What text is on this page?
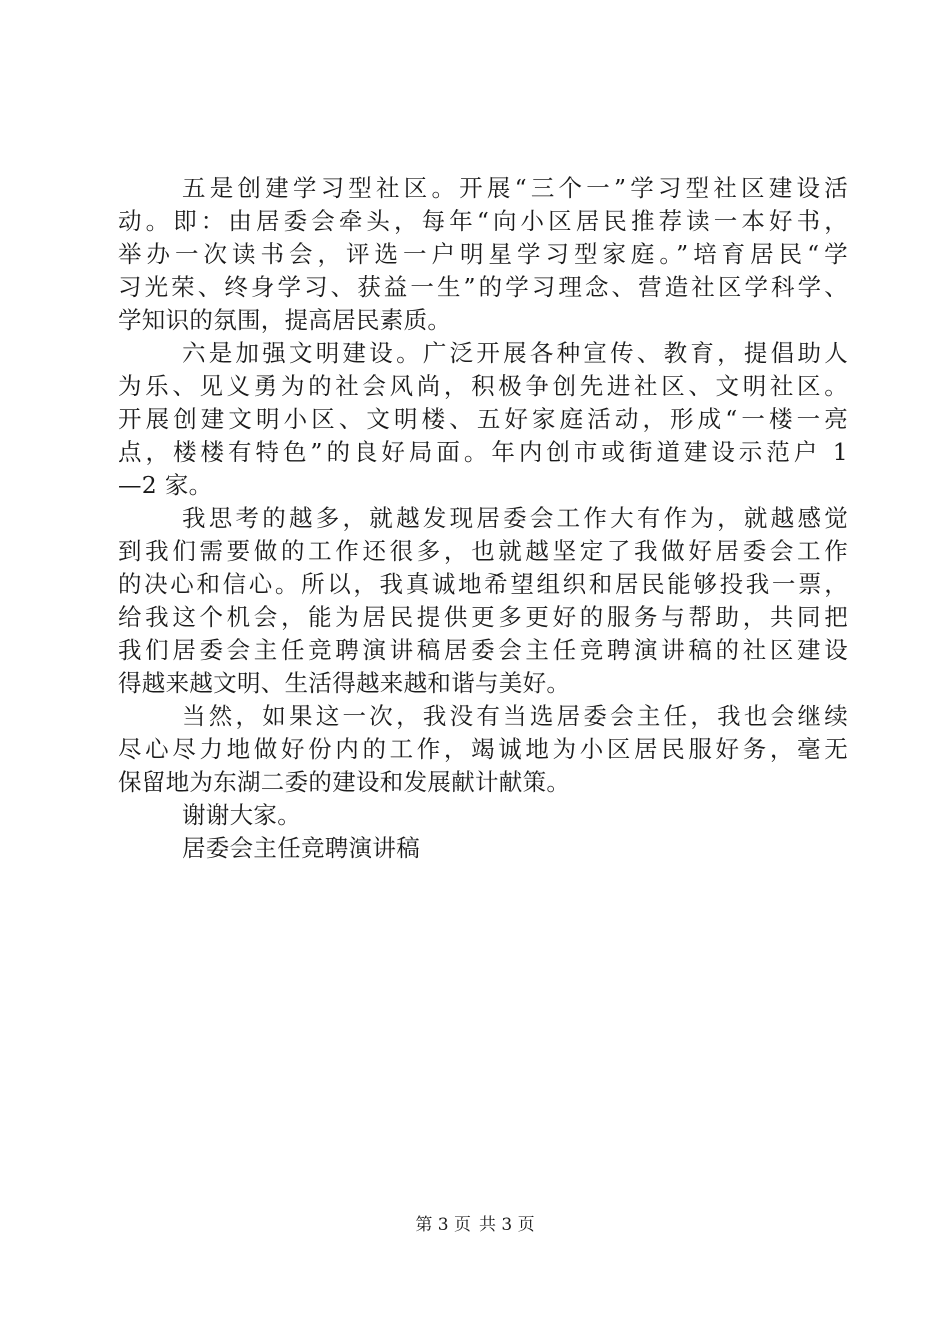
五是创建学习型社区。开展“三个一”学习型社区建设活
动。即：由居委会牵头，每年“向小区居民推荐读一本好书，
举办一次读书会，评选一户明星学习型家庭。”培育居民“学
习光荣、终身学习、获益一生”的学习理念、营造社区学科学、
学知识的氛围，提高居民素质。
六是加强文明建设。广泛开展各种宣传、教育，提倡助人
为乐、见义勇为的社会风尚，积极争创先进社区、文明社区。
开展创建文明小区、文明楼、五好家庭活动，形成“一楼一亮
点，楼楼有特色”的良好局面。年内创市或街道建设示范户 1
—2 家。
我思考的越多，就越发现居委会工作大有作为，就越感觉
到我们需要做的工作还很多，也就越坚定了我做好居委会工作
的决心和信心。所以，我真诚地希望组织和居民能够投我一票，
给我这个机会，能为居民提供更多更好的服务与帮助，共同把
我们居委会主任竞聘演讲稿居委会主任竞聘演讲稿的社区建设
得越来越文明、生活得越来越和谐与美好。
当然，如果这一次，我没有当选居委会主任，我也会继续
尽心尽力地做好份内的工作，竭诚地为小区居民服好务，毫无
保留地为东湖二委的建设和发展献计献策。
谢谢大家。
居委会主任竞聘演讲稿
第 3 页 共 3 页
